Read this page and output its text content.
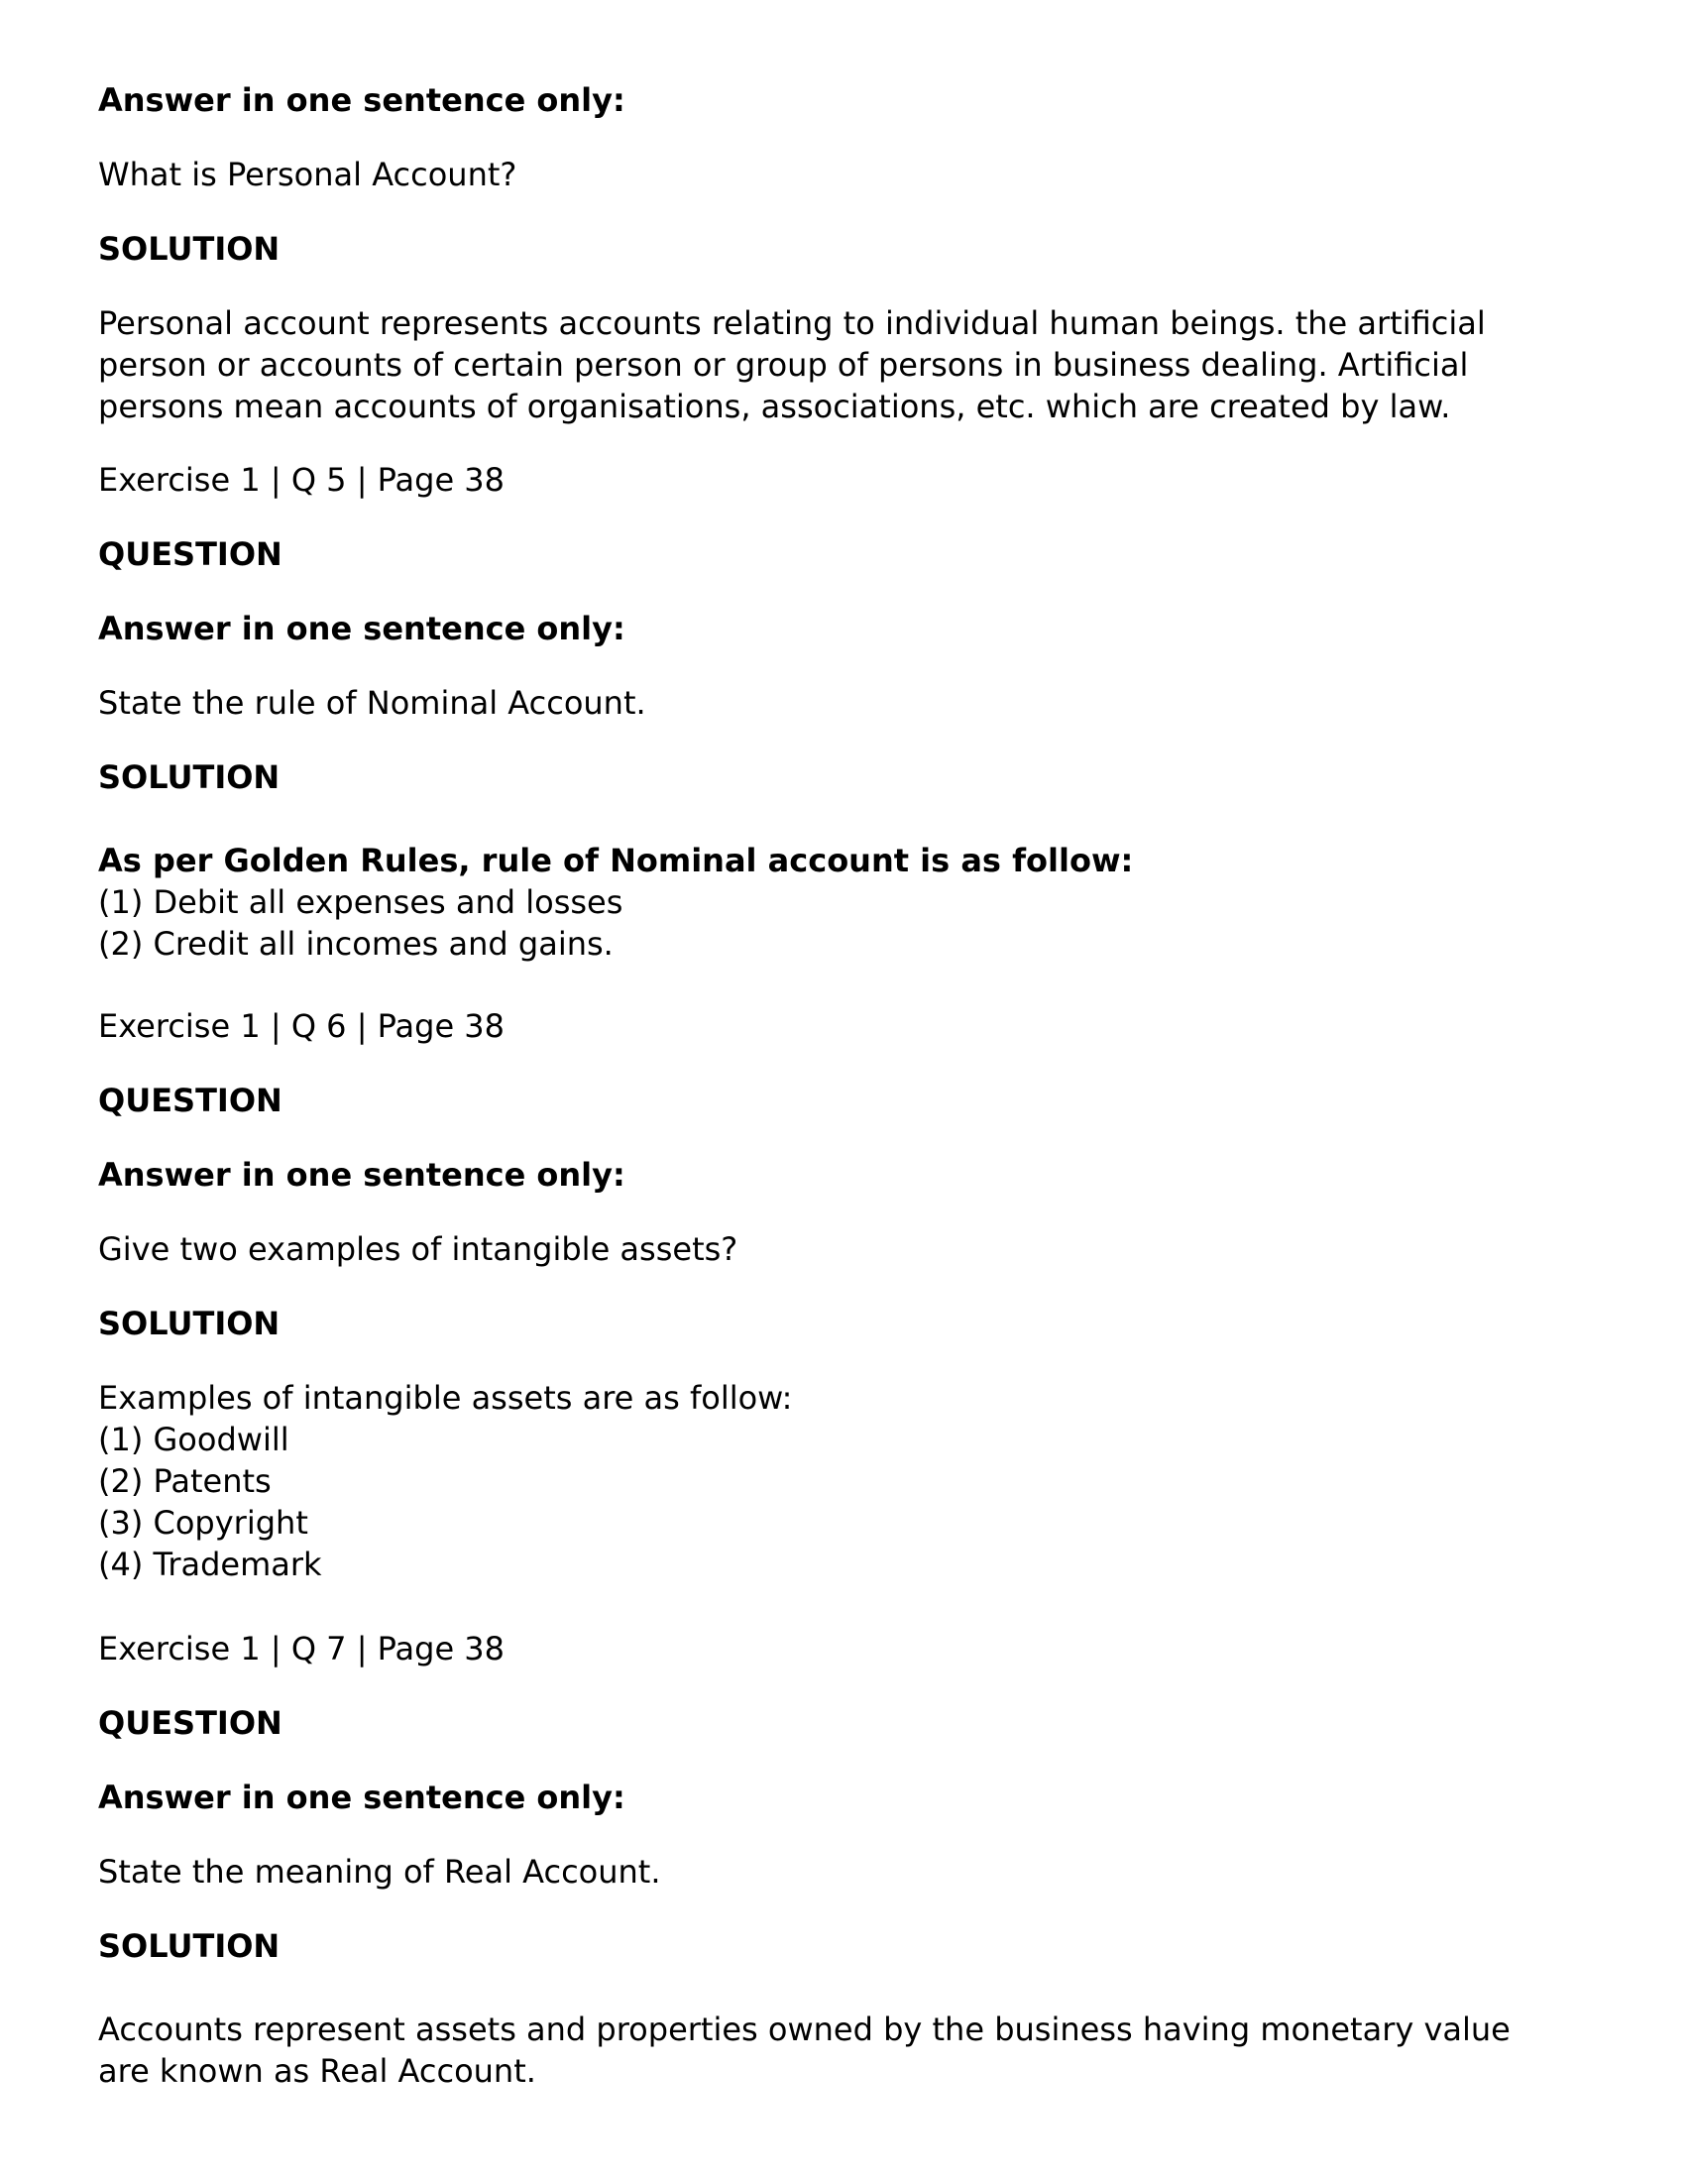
Answer in one sentence only:

What is Personal Account?

SOLUTION

Personal account represents accounts relating to individual human beings. the artificial
person or accounts of certain person or group of persons in business dealing. Artificial
persons mean accounts of organisations, associations, etc. which are created by law.

Exercise 1 | Q 5 | Page 38

QUESTION

Answer in one sentence only:

State the rule of Nominal Account.

SOLUTION

As per Golden Rules, rule of Nominal account is as follow:
(1) Debit all expenses and losses
(2) Credit all incomes and gains.

Exercise 1 | Q 6 | Page 38

QUESTION

Answer in one sentence only:

Give two examples of intangible assets?

SOLUTION

Examples of intangible assets are as follow:
(1) Goodwill
(2) Patents
(3) Copyright
(4) Trademark

Exercise 1 | Q 7 | Page 38

QUESTION

Answer in one sentence only:

State the meaning of Real Account.

SOLUTION

Accounts represent assets and properties owned by the business having monetary value
are known as Real Account.
